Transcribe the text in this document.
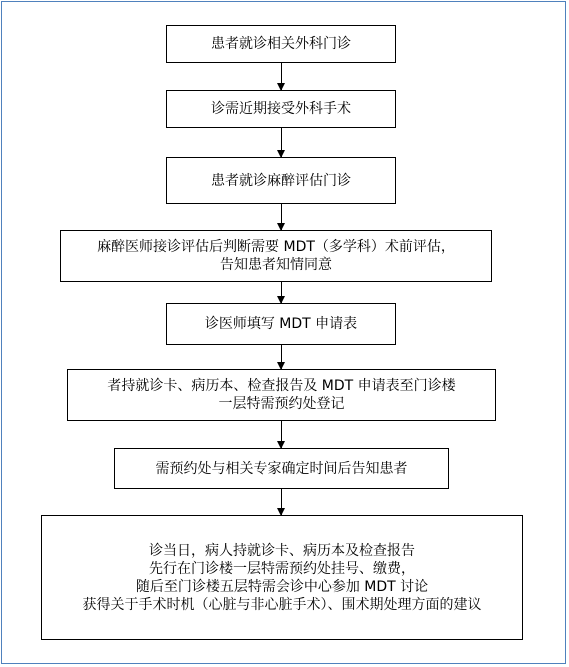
患者就诊相关外科门诊
诊需近期接受外科手术
患者就诊麻醉评估门诊
麻醉医师接诊评估后判断需要 MDT（多学科）术前评估，
告知患者知情同意
诊医师填写 MDT 申请表
者持就诊卡、病历本、检查报告及 MDT 申请表至门诊楼
一层特需预约处登记
需预约处与相关专家确定时间后告知患者
诊当日，病人持就诊卡、病历本及检查报告
先行在门诊楼一层特需预约处挂号、缴费，
随后至门诊楼五层特需会诊中心参加 MDT 讨论
获得关于手术时机（心脏与非心脏手术）、围术期处理方面的建议
